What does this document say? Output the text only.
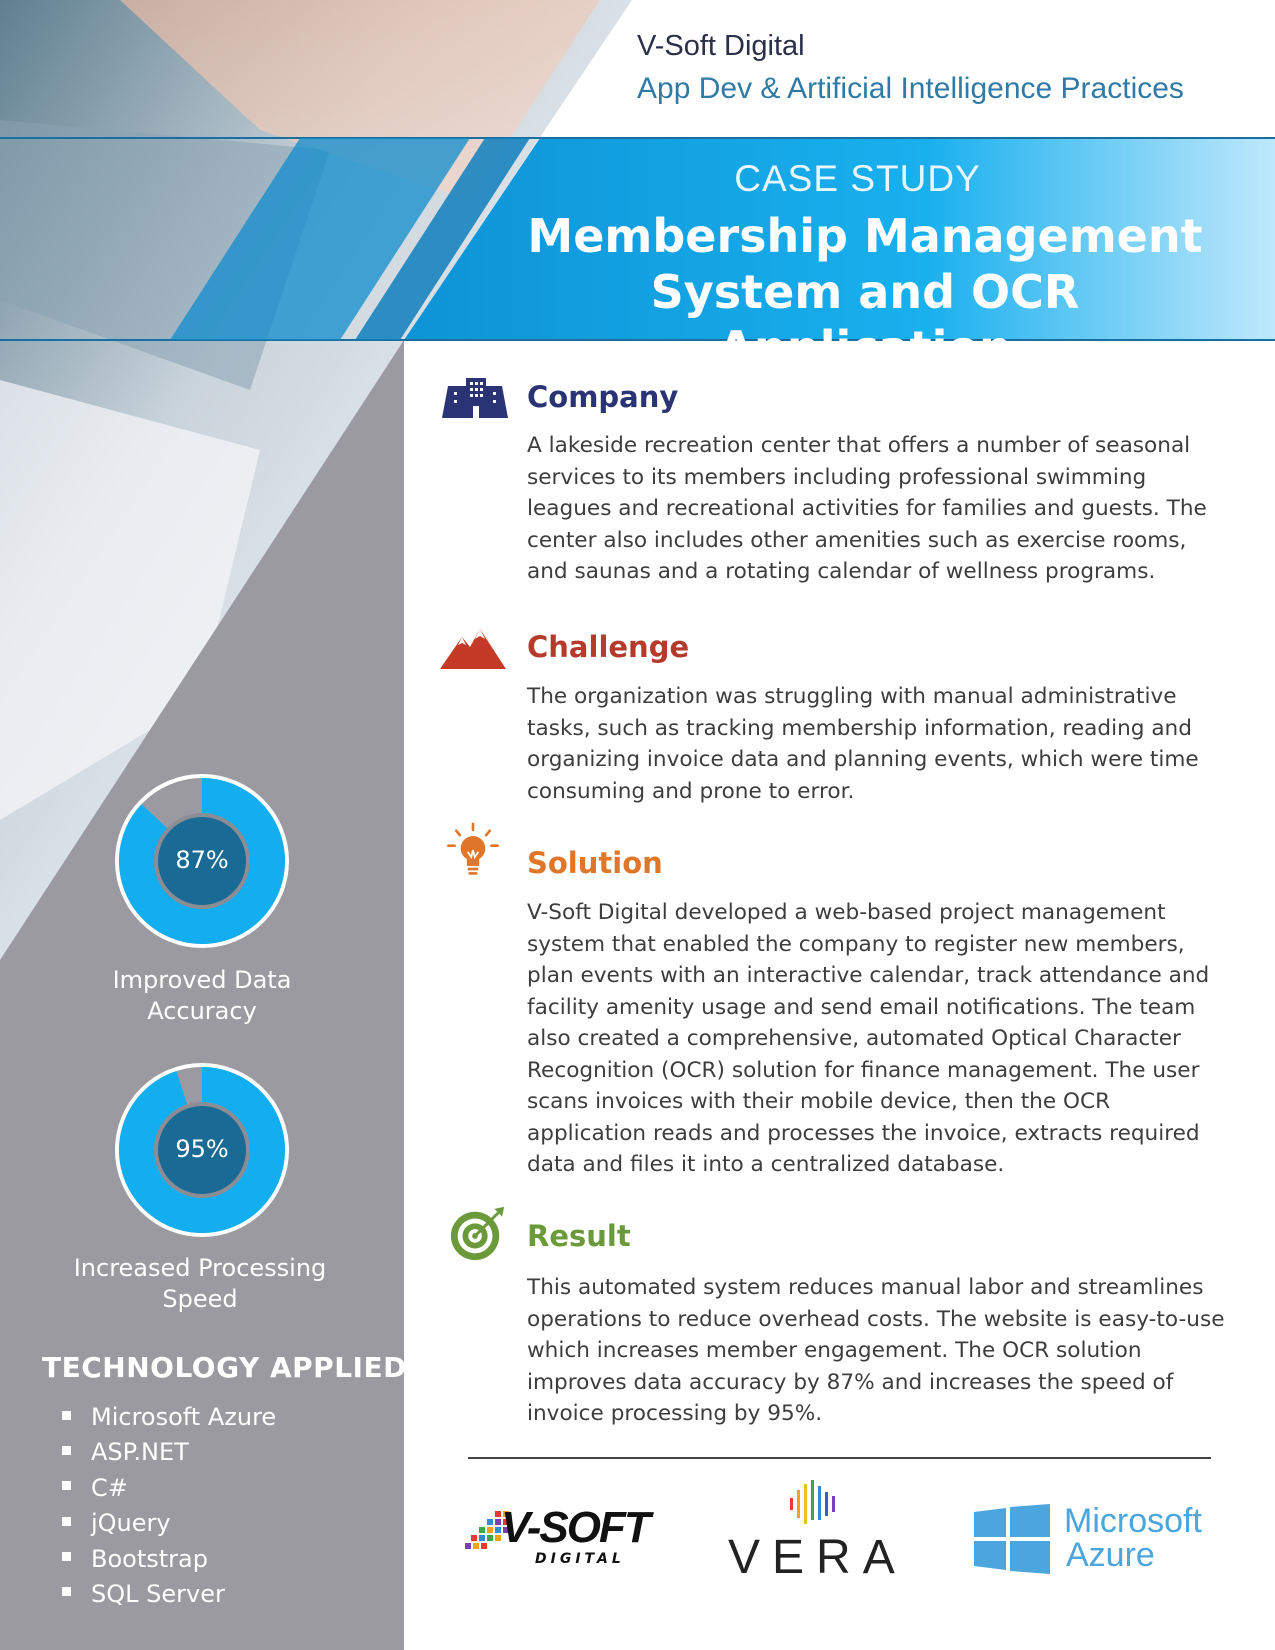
V-Soft Digital
App Dev & Artificial Intelligence Practices
CASE STUDY
Membership Management
System and OCR Application
Company
A lakeside recreation center that offers a number of seasonal
services to its members including professional swimming
leagues and recreational activities for families and guests. The
center also includes other amenities such as exercise rooms,
and saunas and a rotating calendar of wellness programs.
Challenge
The organization was struggling with manual administrative
tasks, such as tracking membership information, reading and
organizing invoice data and planning events, which were time
consuming and prone to error.
Solution
V-Soft Digital developed a web-based project management
system that enabled the company to register new members,
plan events with an interactive calendar, track attendance and
facility amenity usage and send email notifications. The team
also created a comprehensive, automated Optical Character
Recognition (OCR) solution for finance management. The user
scans invoices with their mobile device, then the OCR
application reads and processes the invoice, extracts required
data and files it into a centralized database.
Result
This automated system reduces manual labor and streamlines
operations to reduce overhead costs. The website is easy-to-use
which increases member engagement. The OCR solution
improves data accuracy by 87% and increases the speed of
invoice processing by 95%.
87%
Improved Data
Accuracy
95%
Increased Processing
Speed
TECHNOLOGY APPLIED
Microsoft Azure
ASP.NET
C#
jQuery
Bootstrap
SQL Server
V-SOFT
DIGITAL VERA
Microsoft
Azure
